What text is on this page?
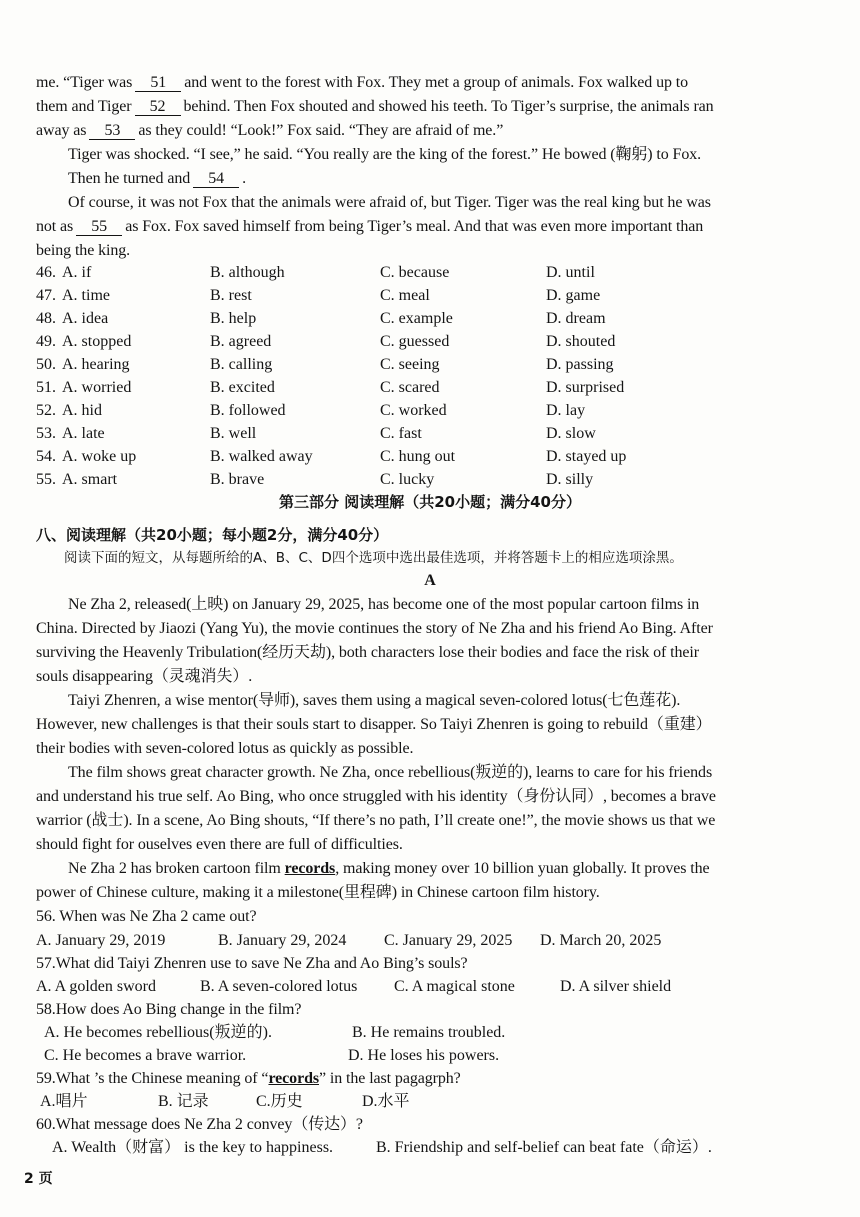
me. “Tiger was 51 and went to the forest with Fox. They met a group of animals. Fox walked up to
them and Tiger 52 behind. Then Fox shouted and showed his teeth. To Tiger’s surprise, the animals ran
away as 53 as they could! “Look!” Fox said. “They are afraid of me.”
Tiger was shocked. “I see,” he said. “You really are the king of the forest.” He bowed (鞠躬) to Fox.
Then he turned and 54 .
Of course, it was not Fox that the animals were afraid of, but Tiger. Tiger was the real king but he was
not as 55 as Fox. Fox saved himself from being Tiger’s meal. And that was even more important than
being the king.
46. A. if	B. although	C. because	D. until
47. A. time	B. rest	C. meal	D. game
48. A. idea	B. help	C. example	D. dream
49. A. stopped	B. agreed	C. guessed	D. shouted
50. A. hearing	B. calling	C. seeing	D. passing
51. A. worried	B. excited	C. scared	D. surprised
52. A. hid	B. followed	C. worked	D. lay
53. A. late	B. well	C. fast	D. slow
54. A. woke up	B. walked away	C. hung out	D. stayed up
55. A. smart	B. brave	C. lucky	D. silly
第三部分 阅读理解（共20小题；满分40分）
八、阅读理解（共20小题；每小题2分，满分40分）
阅读下面的短文，从每题所给的A、B、C、D四个选项中选出最佳选项，并将答题卡上的相应选项涂黑。
A
Ne Zha 2, released(上映) on January 29, 2025, has become one of the most popular cartoon films in
China. Directed by Jiaozi (Yang Yu), the movie continues the story of Ne Zha and his friend Ao Bing. After
surviving the Heavenly Tribulation(经历天劫), both characters lose their bodies and face the risk of their
souls disappearing（灵魂消失）.
Taiyi Zhenren, a wise mentor(导师), saves them using a magical seven-colored lotus(七色莲花).
However, new challenges is that their souls start to disapper. So Taiyi Zhenren is going to rebuild（重建）
their bodies with seven-colored lotus as quickly as possible.
The film shows great character growth. Ne Zha, once rebellious(叛逆的), learns to care for his friends
and understand his true self. Ao Bing, who once struggled with his identity（身份认同）, becomes a brave
warrior (战士). In a scene, Ao Bing shouts, “If there’s no path, I’ll create one!”, the movie shows us that we
should fight for ouselves even there are full of difficulties.
Ne Zha 2 has broken cartoon film records, making money over 10 billion yuan globally. It proves the
power of Chinese culture, making it a milestone(里程碑) in Chinese cartoon film history.
56. When was Ne Zha 2 came out?
A. January 29, 2019	B. January 29, 2024 C. January 29, 2025 D. March 20, 2025
57.What did Taiyi Zhenren use to save Ne Zha and Ao Bing’s souls?
A. A golden sword	B. A seven-colored lotus C. A magical stone	D. A silver shield
58.How does Ao Bing change in the film?
A. He becomes rebellious(叛逆的).	B. He remains troubled.
C. He becomes a brave warrior.	D. He loses his powers.
59.What ’s the Chinese meaning of “records” in the last pagagrph?
A.唱片	B. 记录	C.历史	D.水平
60.What message does Ne Zha 2 convey（传达）?
A. Wealth（财富） is the key to happiness.	B. Friendship and self-belief can beat fate（命运）.
2 页
